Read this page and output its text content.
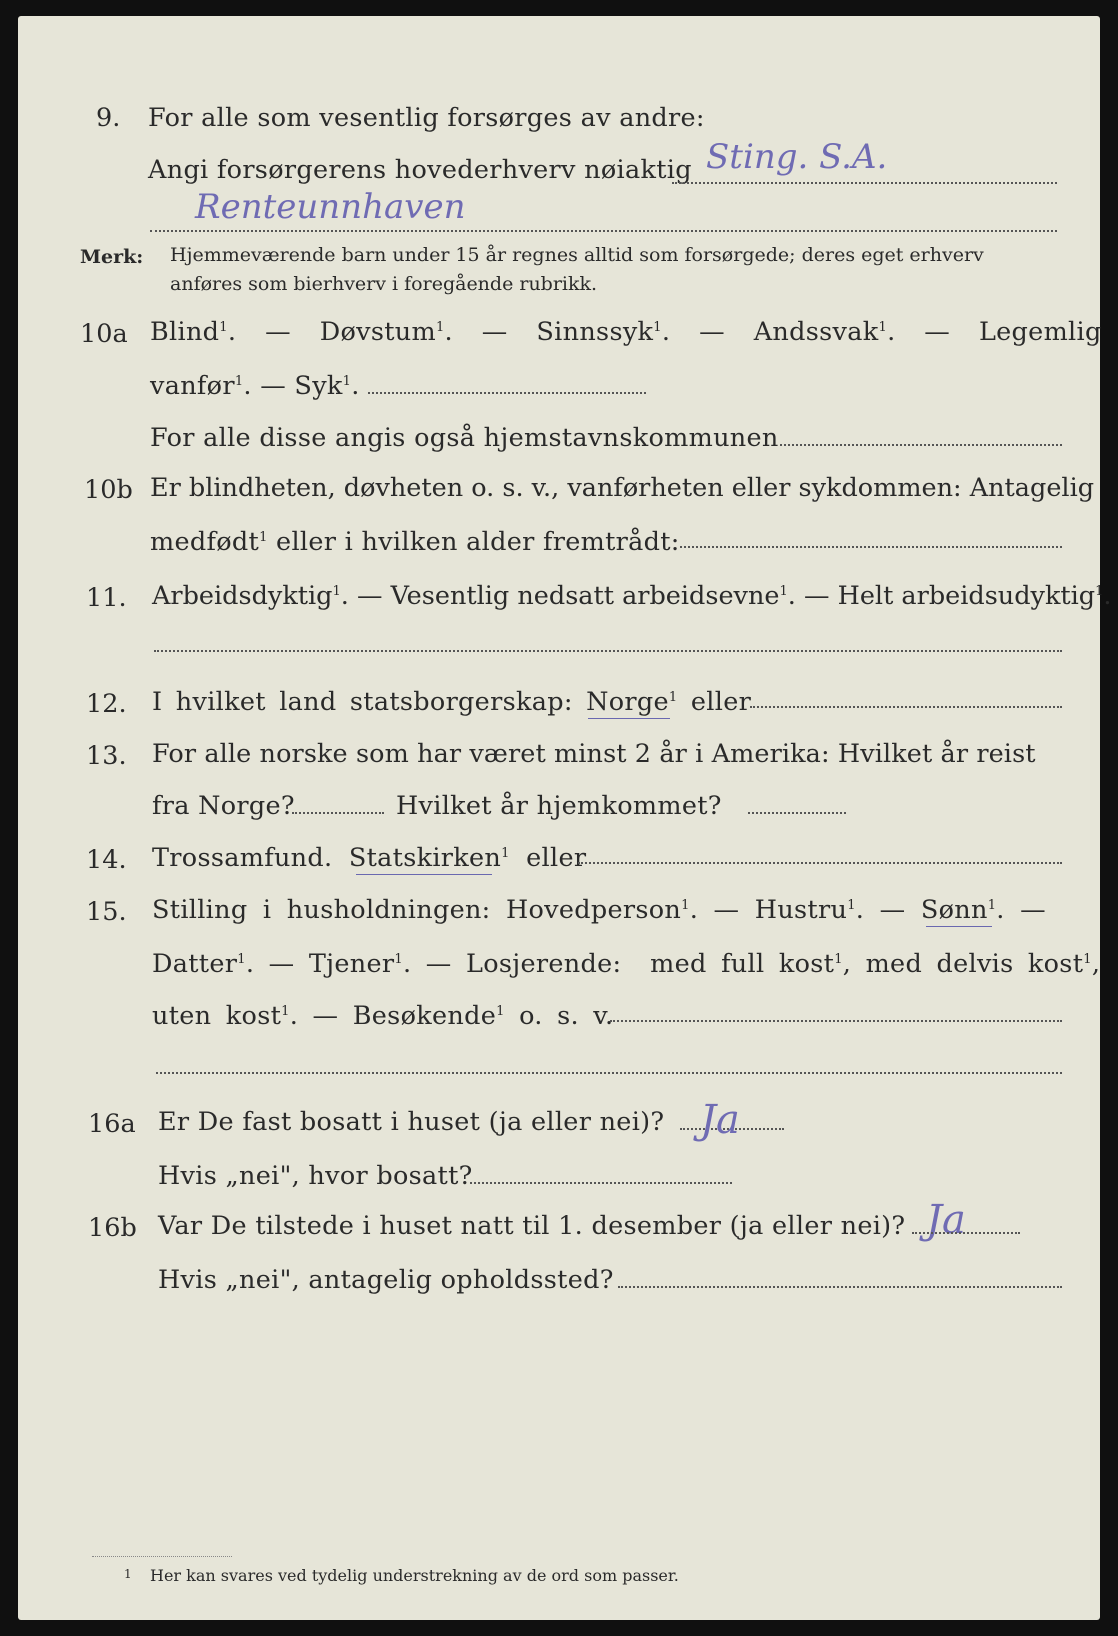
9. For alle som vesentlig forsørges av andre:
Angi forsørgerens hovederhverv nøiaktig Sting. S.A.
Renteunnhaven
Merk: Hjemmeværende barn under 15 år regnes alltid som forsørgede; deres eget erhverv
anføres som bierhverv i foregående rubrikk.
10a Blind$^1$.  —  Døvstum$^1$.  —  Sinnssyk$^1$.  —  Andssvak$^1$.  —  Legemlig
vanfør$^1$. — Syk$^1$.
For alle disse angis også hjemstavnskommunen
10b Er blindheten, døvheten o. s. v., vanførheten eller sykdommen: Antagelig
medfødt$^1$ eller i hvilken alder fremtrådt:
11. Arbeidsdyktig$^1$. — Vesentlig nedsatt arbeidsevne$^1$. — Helt arbeidsudyktig$^1$.
12. I hvilket land statsborgerskap: Norge$^1$ eller
13. For alle norske som har været minst 2 år i Amerika: Hvilket år reist
fra Norge?	Hvilket år hjemkommet?
14. Trossamfund. Statskirken$^1$ eller
15. Stilling i husholdningen: Hovedperson$^1$. — Hustru$^1$. — Sønn$^1$. —
Datter$^1$. — Tjener$^1$. — Losjerende: med full kost$^1$, med delvis kost$^1$,
uten kost$^1$. — Besøkende$^1$ o. s. v.
16a Er De fast bosatt i huset (ja eller nei)? Ja
Hvis „nei", hvor bosatt?
16b Var De tilstede i huset natt til 1. desember (ja eller nei)? Ja
Hvis „nei", antagelig opholdssted?
1 Her kan svares ved tydelig understrekning av de ord som passer.
